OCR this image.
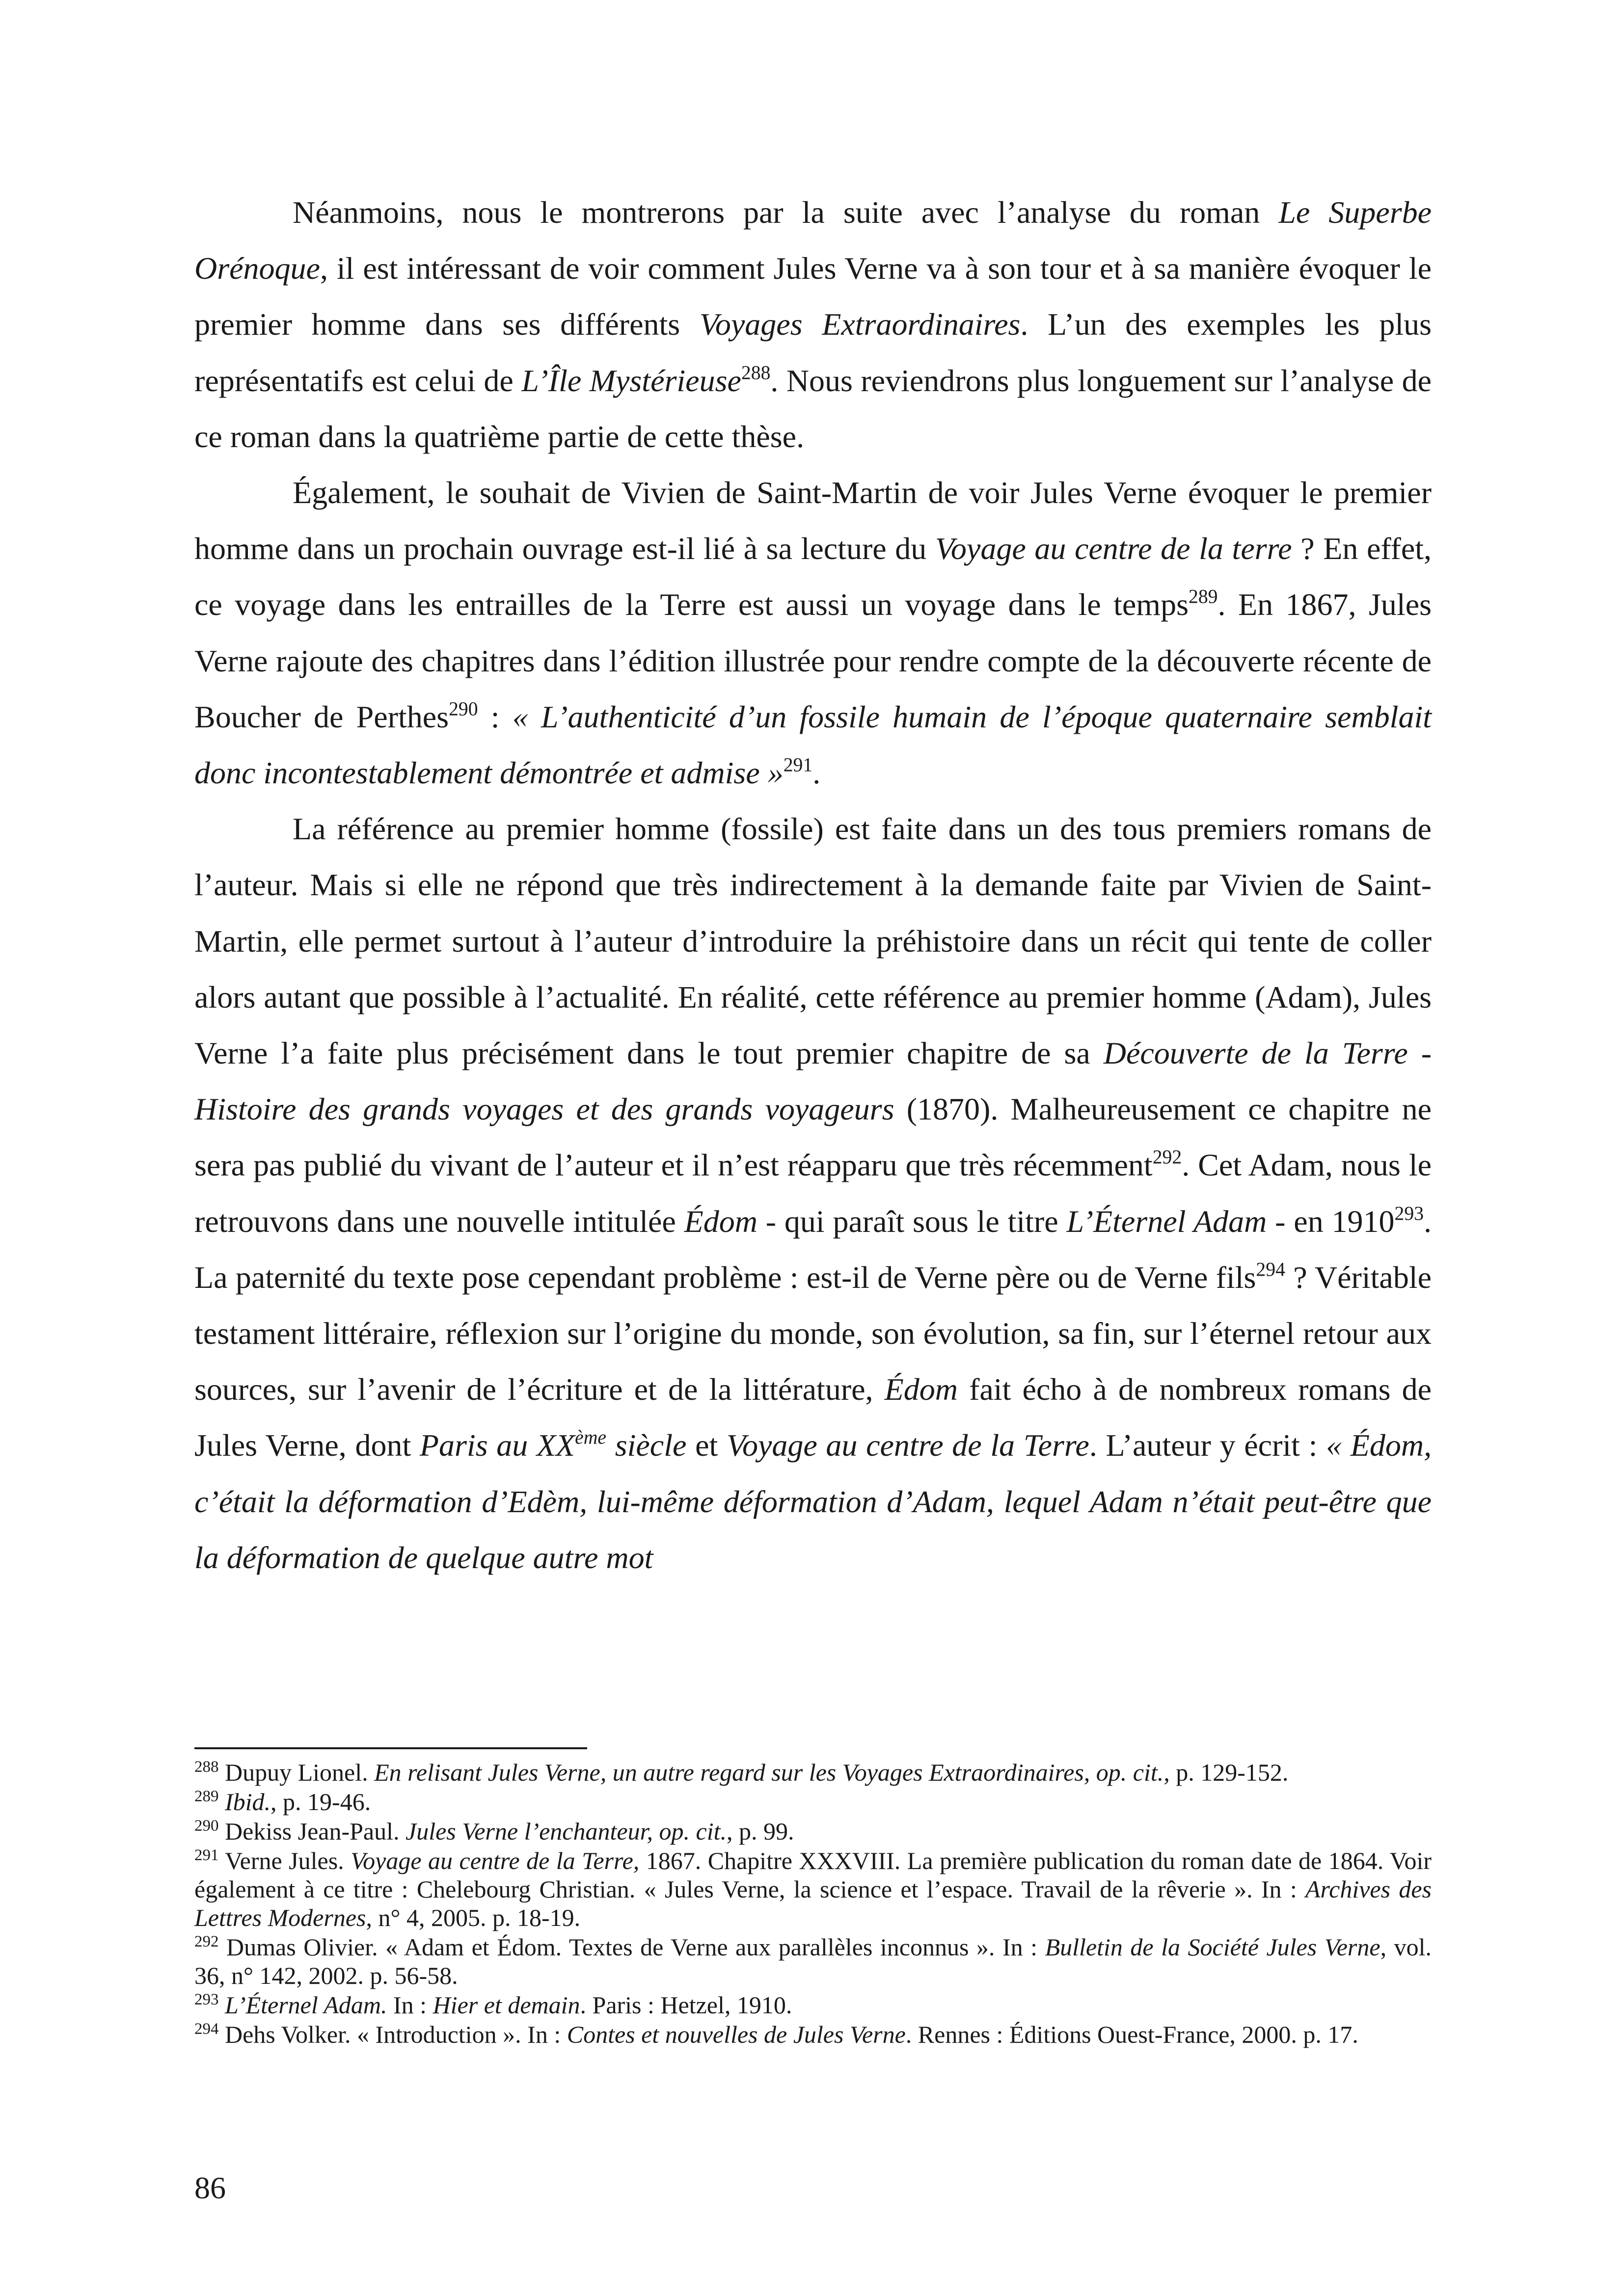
Néanmoins, nous le montrerons par la suite avec l’analyse du roman Le Superbe Orénoque, il est intéressant de voir comment Jules Verne va à son tour et à sa manière évoquer le premier homme dans ses différents Voyages Extraordinaires. L’un des exemples les plus représentatifs est celui de L’Île Mystérieuse$^{288}$. Nous reviendrons plus longuement sur l’analyse de ce roman dans la quatrième partie de cette thèse.

Également, le souhait de Vivien de Saint-Martin de voir Jules Verne évoquer le premier homme dans un prochain ouvrage est-il lié à sa lecture du Voyage au centre de la terre ? En effet, ce voyage dans les entrailles de la Terre est aussi un voyage dans le temps$^{289}$. En 1867, Jules Verne rajoute des chapitres dans l’édition illustrée pour rendre compte de la découverte récente de Boucher de Perthes$^{290}$ : « L’authenticité d’un fossile humain de l’époque quaternaire semblait donc incontestablement démontrée et admise »$^{291}$.

La référence au premier homme (fossile) est faite dans un des tous premiers romans de l’auteur. Mais si elle ne répond que très indirectement à la demande faite par Vivien de Saint-Martin, elle permet surtout à l’auteur d’introduire la préhistoire dans un récit qui tente de coller alors autant que possible à l’actualité. En réalité, cette référence au premier homme (Adam), Jules Verne l’a faite plus précisément dans le tout premier chapitre de sa Découverte de la Terre - Histoire des grands voyages et des grands voyageurs (1870). Malheureusement ce chapitre ne sera pas publié du vivant de l’auteur et il n’est réapparu que très récemment$^{292}$. Cet Adam, nous le retrouvons dans une nouvelle intitulée Édom - qui paraît sous le titre L’Éternel Adam - en 1910$^{293}$. La paternité du texte pose cependant problème : est-il de Verne père ou de Verne fils$^{294}$ ? Véritable testament littéraire, réflexion sur l’origine du monde, son évolution, sa fin, sur l’éternel retour aux sources, sur l’avenir de l’écriture et de la littérature, Édom fait écho à de nombreux romans de Jules Verne, dont Paris au XXème siècle et Voyage au centre de la Terre. L’auteur y écrit : « Édom, c’était la déformation d’Edèm, lui-même déformation d’Adam, lequel Adam n’était peut-être que la déformation de quelque autre mot

$^{288}$ Dupuy Lionel. En relisant Jules Verne, un autre regard sur les Voyages Extraordinaires, op. cit., p. 129-152.

$^{289}$ Ibid., p. 19-46.

$^{290}$ Dekiss Jean-Paul. Jules Verne l’enchanteur, op. cit., p. 99.

$^{291}$ Verne Jules. Voyage au centre de la Terre, 1867. Chapitre XXXVIII. La première publication du roman date de 1864. Voir également à ce titre : Chelebourg Christian. « Jules Verne, la science et l’espace. Travail de la rêverie ». In : Archives des Lettres Modernes, n° 4, 2005. p. 18-19.

$^{292}$ Dumas Olivier. « Adam et Édom. Textes de Verne aux parallèles inconnus ». In : Bulletin de la Société Jules Verne, vol. 36, n° 142, 2002. p. 56-58.

$^{293}$ L’Éternel Adam. In : Hier et demain. Paris : Hetzel, 1910.

$^{294}$ Dehs Volker. « Introduction ». In : Contes et nouvelles de Jules Verne. Rennes : Éditions Ouest-France, 2000. p. 17.

86
